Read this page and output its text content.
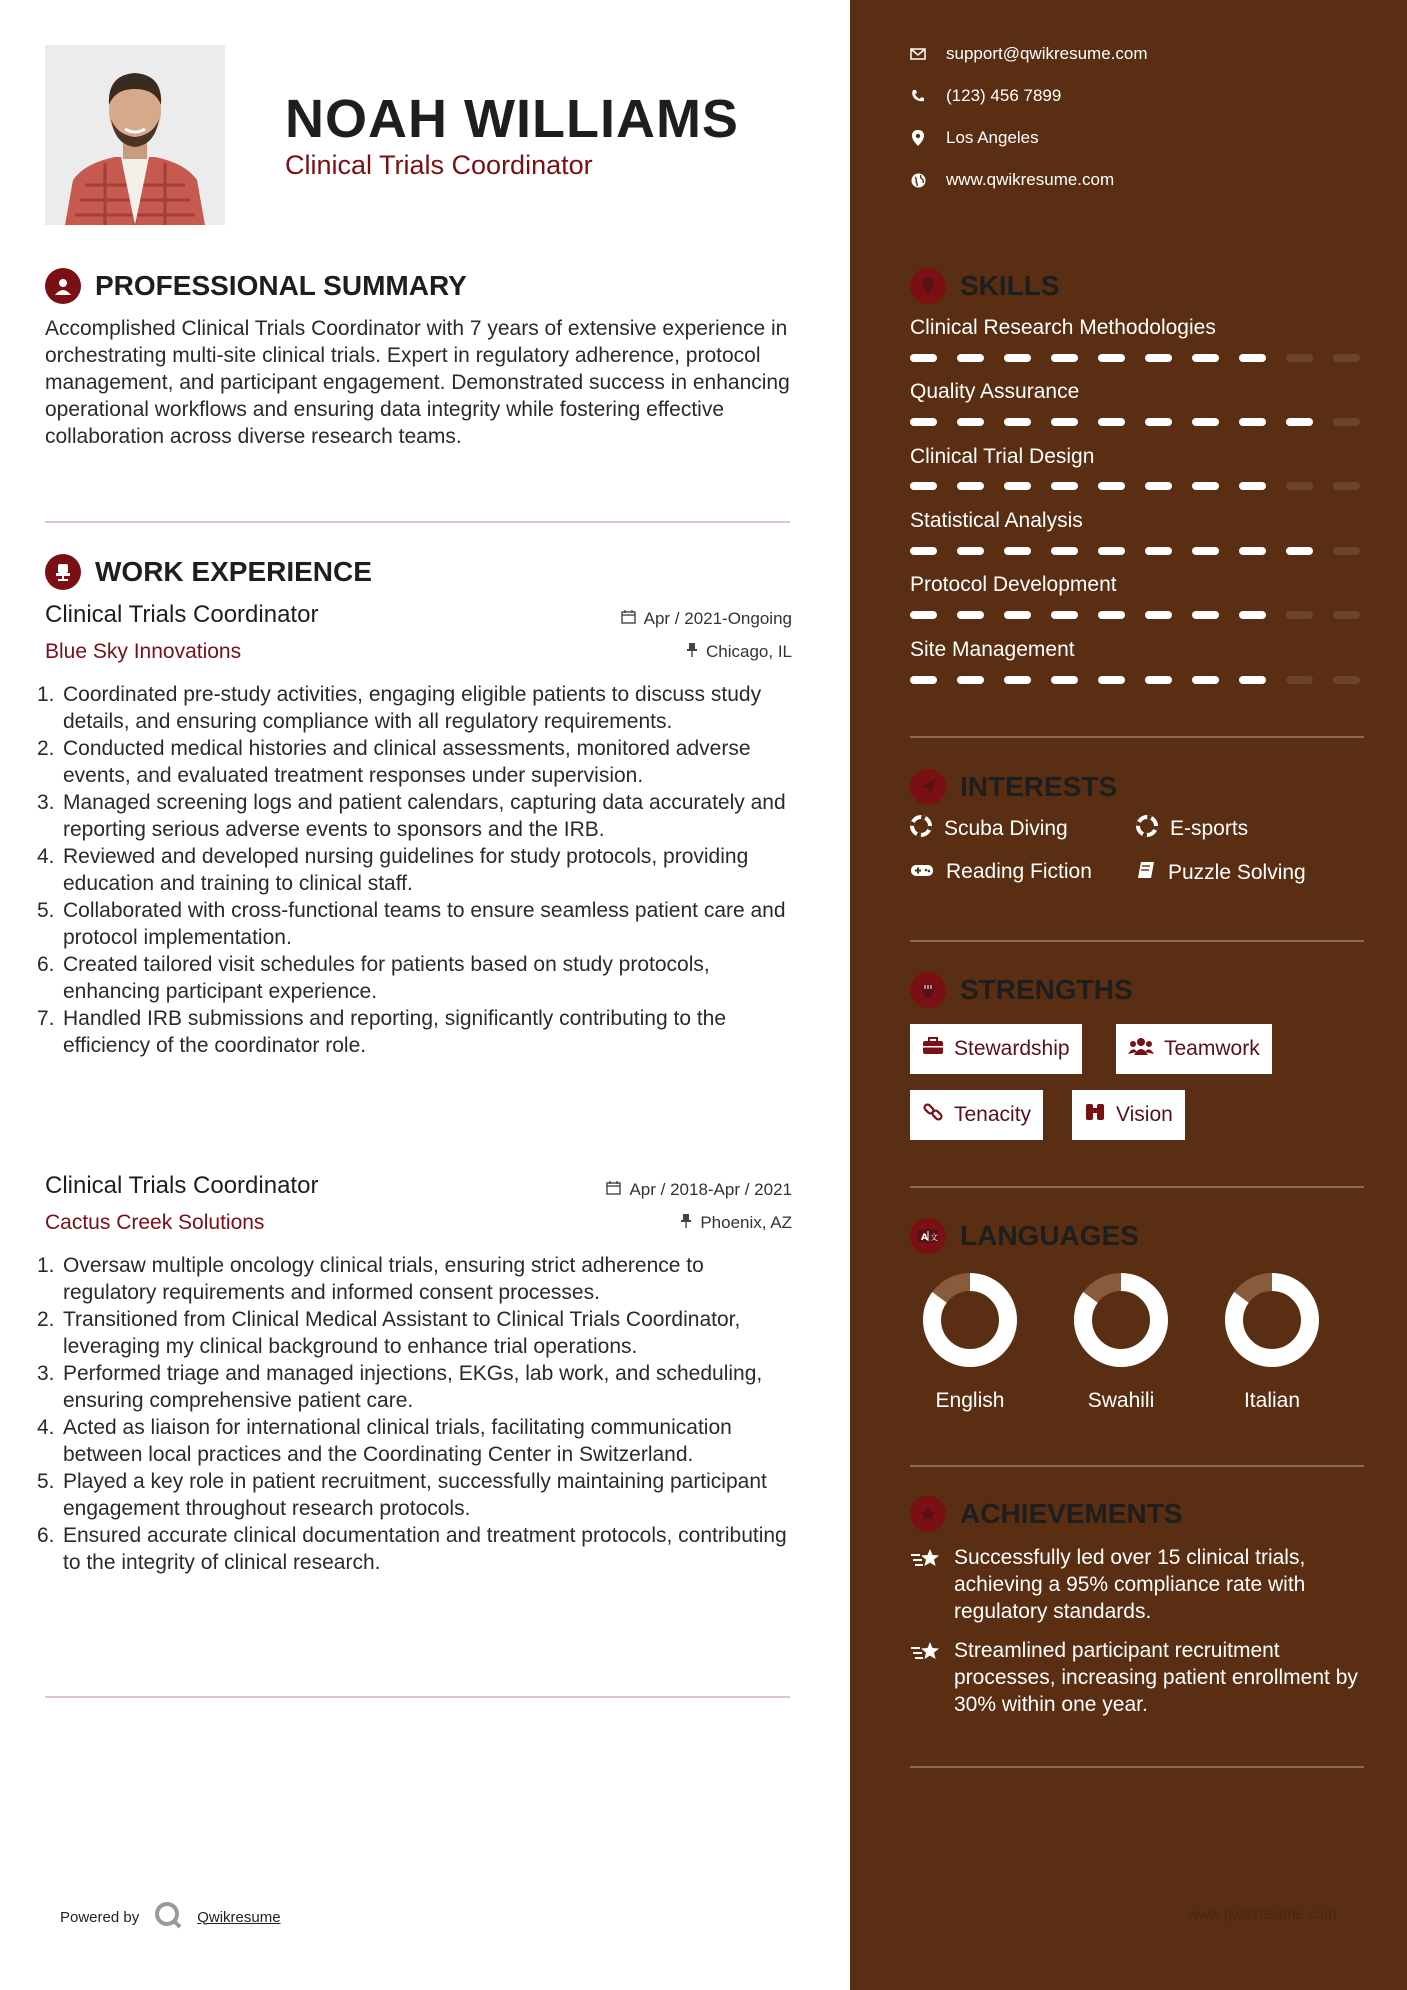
NOAH WILLIAMS
Clinical Trials Coordinator
PROFESSIONAL SUMMARY
Accomplished Clinical Trials Coordinator with 7 years of extensive experience in orchestrating multi-site clinical trials. Expert in regulatory adherence, protocol management, and participant engagement. Demonstrated success in enhancing operational workflows and ensuring data integrity while fostering effective collaboration across diverse research teams.
WORK EXPERIENCE
Clinical Trials Coordinator	Apr / 2021-Ongoing
Blue Sky Innovations	Chicago, IL
1. Coordinated pre-study activities, engaging eligible patients to discuss study details, and ensuring compliance with all regulatory requirements.
2. Conducted medical histories and clinical assessments, monitored adverse events, and evaluated treatment responses under supervision.
3. Managed screening logs and patient calendars, capturing data accurately and reporting serious adverse events to sponsors and the IRB.
4. Reviewed and developed nursing guidelines for study protocols, providing education and training to clinical staff.
5. Collaborated with cross-functional teams to ensure seamless patient care and protocol implementation.
6. Created tailored visit schedules for patients based on study protocols, enhancing participant experience.
7. Handled IRB submissions and reporting, significantly contributing to the efficiency of the coordinator role.
Clinical Trials Coordinator	Apr / 2018-Apr / 2021
Cactus Creek Solutions	Phoenix, AZ
1. Oversaw multiple oncology clinical trials, ensuring strict adherence to regulatory requirements and informed consent processes.
2. Transitioned from Clinical Medical Assistant to Clinical Trials Coordinator, leveraging my clinical background to enhance trial operations.
3. Performed triage and managed injections, EKGs, lab work, and scheduling, ensuring comprehensive patient care.
4. Acted as liaison for international clinical trials, facilitating communication between local practices and the Coordinating Center in Switzerland.
5. Played a key role in patient recruitment, successfully maintaining participant engagement throughout research protocols.
6. Ensured accurate clinical documentation and treatment protocols, contributing to the integrity of clinical research.
Powered by	Qwikresume
support@qwikresume.com
(123) 456 7899
Los Angeles
www.qwikresume.com
SKILLS
Clinical Research Methodologies
Quality Assurance
Clinical Trial Design
Statistical Analysis
Protocol Development
Site Management
INTERESTS
Scuba Diving	E-sports
Reading Fiction	Puzzle Solving
STRENGTHS
Stewardship	Teamwork
Tenacity	Vision
A 文 LANGUAGES
English	Swahili	Italian
ACHIEVEMENTS
Successfully led over 15 clinical trials, achieving a 95% compliance rate with regulatory standards.
Streamlined participant recruitment processes, increasing patient enrollment by 30% within one year.
www.qwikresume.com
